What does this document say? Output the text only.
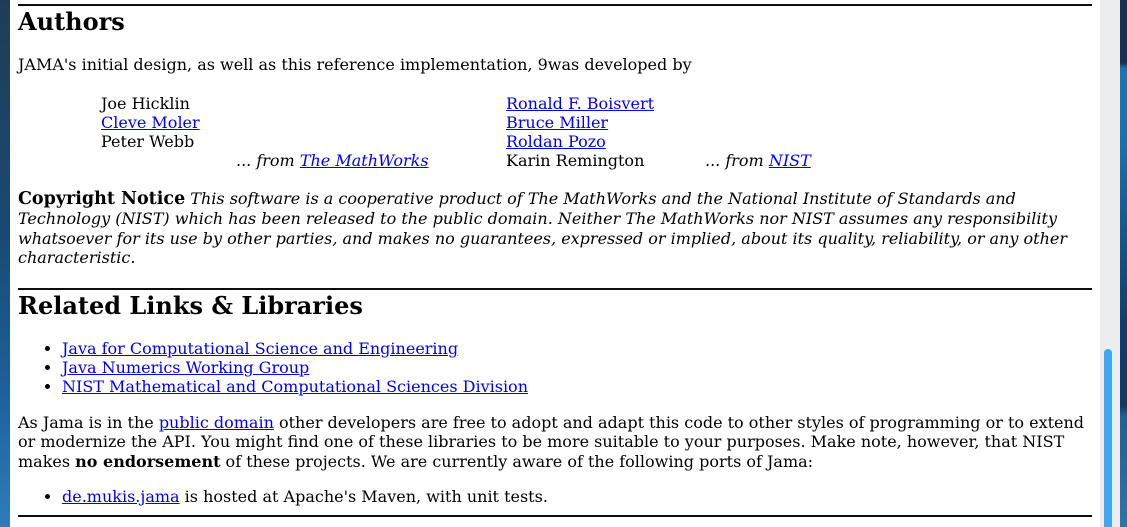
Authors

JAMA's initial design, as well as this reference implementation, 9was developed by

Joe Hicklin	Ronald F. Boisvert
Cleve Moler	Bruce Miller
Peter Webb	Roldan Pozo
... from The MathWorks	Karin Remington	... from NIST

Copyright Notice This software is a cooperative product of The MathWorks and the National Institute of Standards and Technology (NIST) which has been released to the public domain. Neither The MathWorks nor NIST assumes any responsibility whatsoever for its use by other parties, and makes no guarantees, expressed or implied, about its quality, reliability, or any other characteristic.

Related Links & Libraries
• Java for Computational Science and Engineering
• Java Numerics Working Group
• NIST Mathematical and Computational Sciences Division

As Jama is in the public domain other developers are free to adopt and adapt this code to other styles of programming or to extend or modernize the API. You might find one of these libraries to be more suitable to your purposes. Make note, however, that NIST makes no endorsement of these projects. We are currently aware of the following ports of Jama:

• de.mukis.jama is hosted at Apache's Maven, with unit tests.
